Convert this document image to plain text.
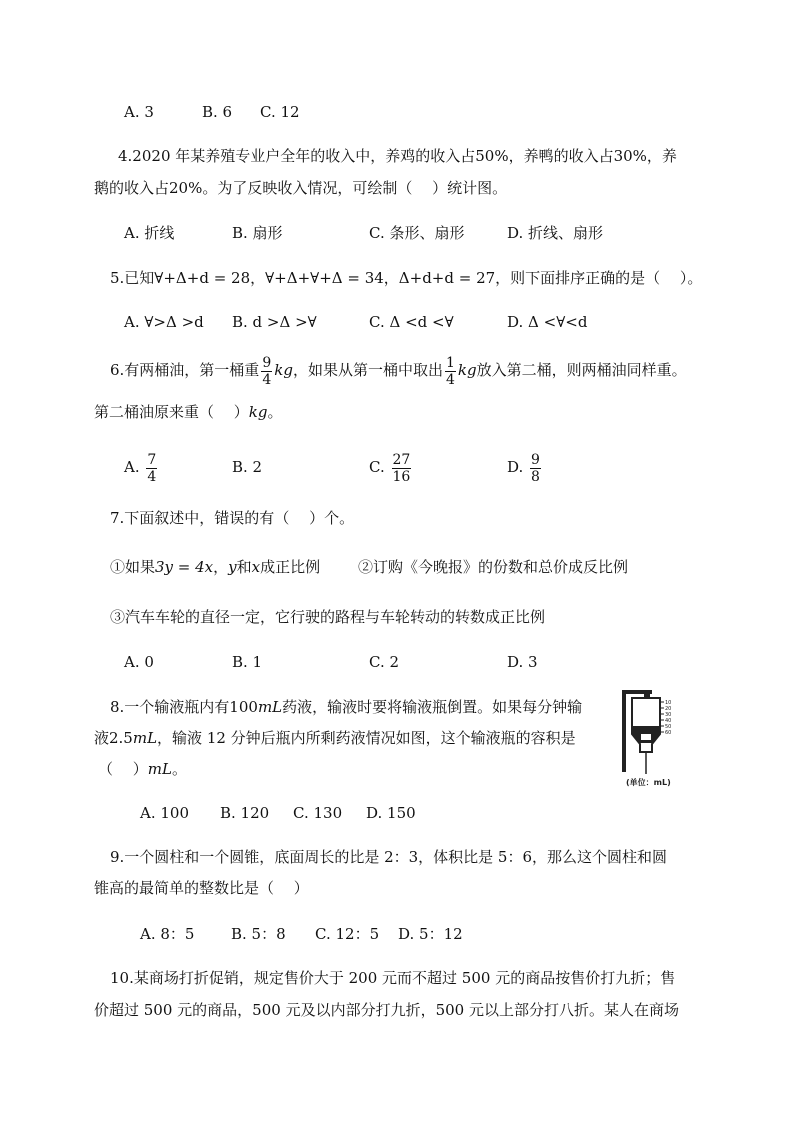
A. 3	B. 6 C. 12
4.2020 年某养殖专业户全年的收入中，养鸡的收入占50%，养鸭的收入占30%，养
鹅的收入占20%。为了反映收入情况，可绘制（　 ）统计图。
A. 折线	B. 扇形	C. 条形、扇形	D. 折线、扇形
5.已知∀+Δ+d = 28，∀+Δ+∀+Δ = 34，Δ+d+d = 27，则下面排序正确的是（　 ）。
A. ∀>Δ >d B. d >Δ >∀	C. Δ <d <∀	D. Δ <∀<d
6.有两桶油，第一桶重 $\frac{9}{4}$ kg，如果从第一桶中取出 $\frac{1}{4}$ kg放入第二桶，则两桶油同样重。
第二桶油原来重（　 ）kg。
A. $\frac{7}{4}$	B. 2	C. $\frac{27}{16}$	D. $\frac{9}{8}$
7.下面叙述中，错误的有（　 ）个。
①如果3y = 4x，y和x成正比例	②订购《今晚报》的份数和总价成反比例
③汽车车轮的直径一定，它行驶的路程与车轮转动的转数成正比例
A. 0	B. 1	C. 2	D. 3
8.一个输液瓶内有100mL药液，输液时要将输液瓶倒置。如果每分钟输
液2.5mL，输液 12 分钟后瓶内所剩药液情况如图，这个输液瓶的容积是
（　 ）mL。
10
20
30
40
50
60
(单位：mL)
A. 100 B. 120 C. 130 D. 150
9.一个圆柱和一个圆锥，底面周长的比是 2：3，体积比是 5：6，那么这个圆柱和圆
锥高的最简单的整数比是（　 ）
A. 8：5 B. 5：8 C. 12：5 D. 5：12
10.某商场打折促销，规定售价大于 200 元而不超过 500 元的商品按售价打九折；售
价超过 500 元的商品，500 元及以内部分打九折，500 元以上部分打八折。某人在商场
